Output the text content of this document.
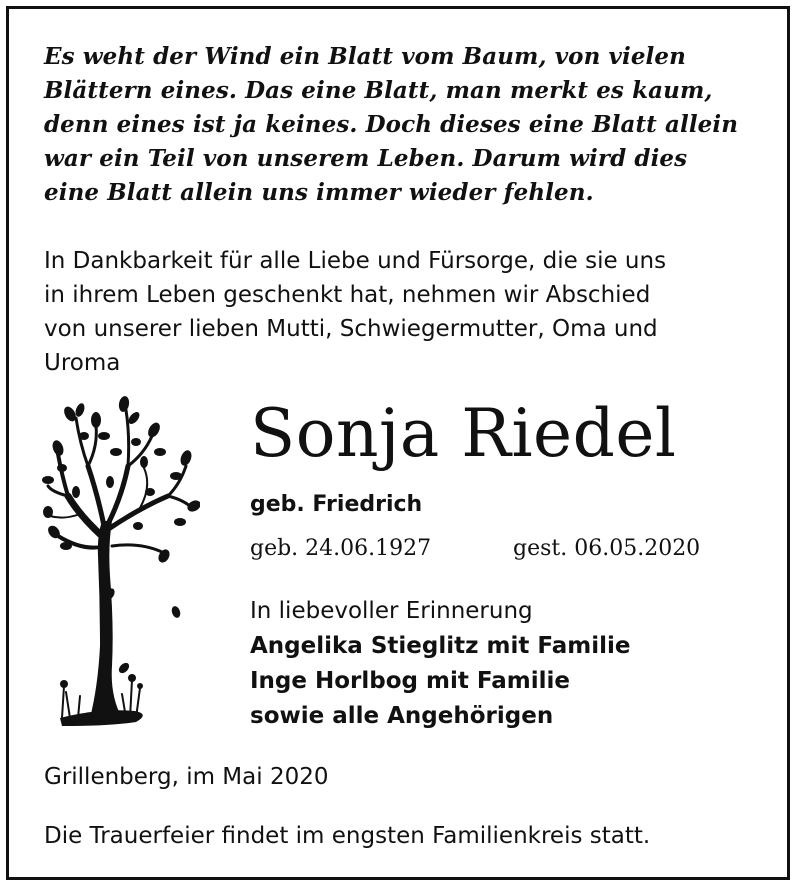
Es weht der Wind ein Blatt vom Baum, von vielen
Blättern eines. Das eine Blatt, man merkt es kaum,
denn eines ist ja keines. Doch dieses eine Blatt allein
war ein Teil von unserem Leben. Darum wird dies
eine Blatt allein uns immer wieder fehlen.
In Dankbarkeit für alle Liebe und Fürsorge, die sie uns
in ihrem Leben geschenkt hat, nehmen wir Abschied
von unserer lieben Mutti, Schwiegermutter, Oma und
Uroma
Sonja Riedel
geb. Friedrich
geb. 24.06.1927	gest. 06.05.2020
In liebevoller Erinnerung
Angelika Stieglitz mit Familie
Inge Horlbog mit Familie
sowie alle Angehörigen
Grillenberg, im Mai 2020
Die Trauerfeier findet im engsten Familienkreis statt.
